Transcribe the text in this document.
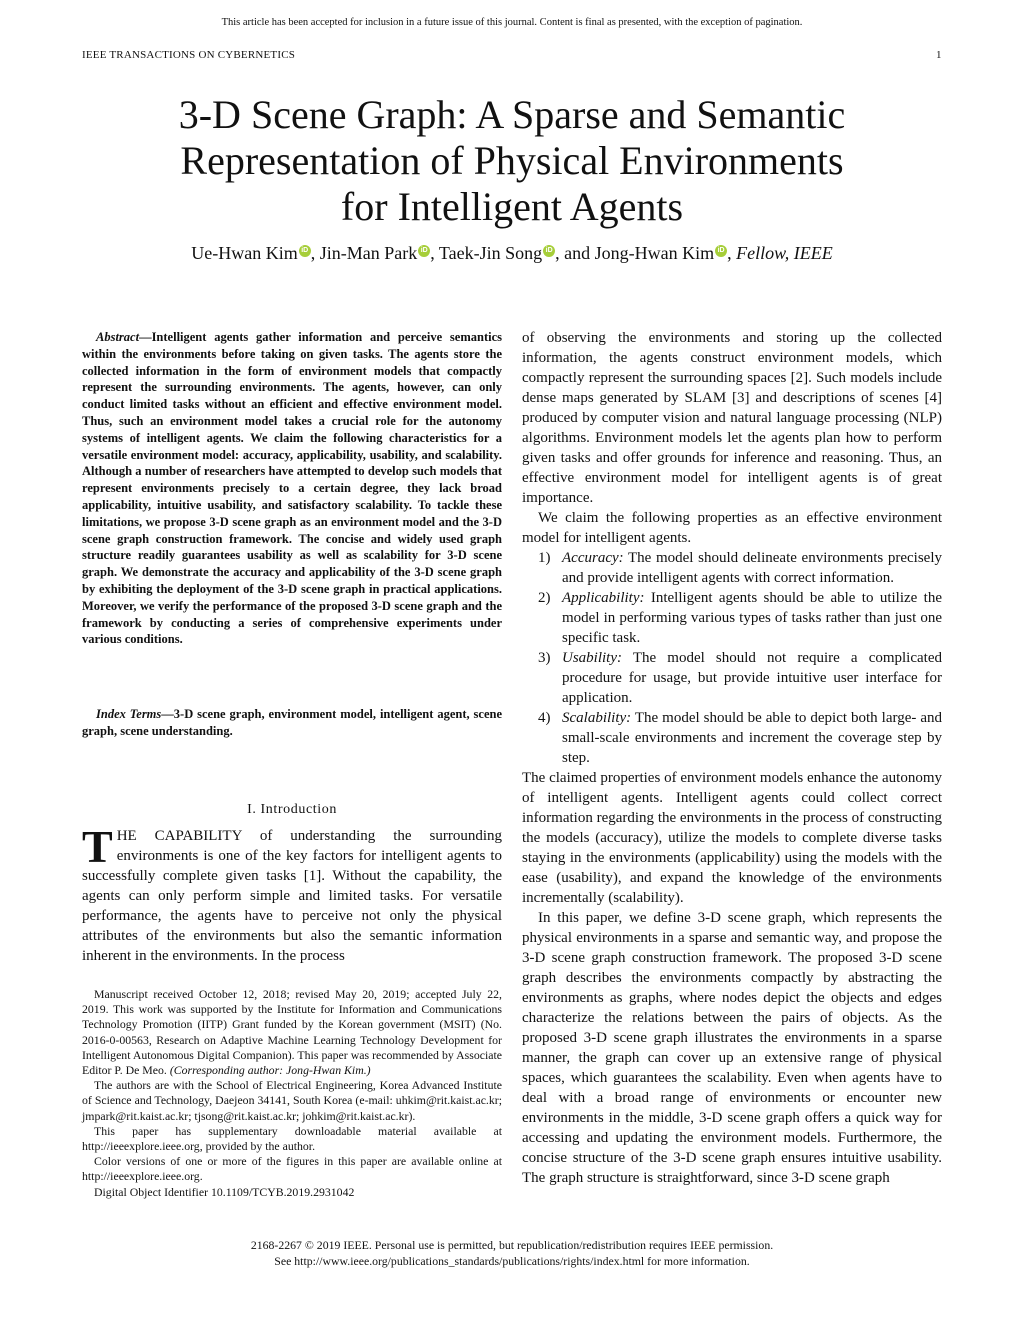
This article has been accepted for inclusion in a future issue of this journal. Content is final as presented, with the exception of pagination.
IEEE TRANSACTIONS ON CYBERNETICS	1
3-D Scene Graph: A Sparse and Semantic
Representation of Physical Environments
for Intelligent Agents
Ue-Hwan Kim iD , Jin-Man Park iD , Taek-Jin Song iD , and Jong-Hwan Kim iD , Fellow, IEEE
Abstract—Intelligent agents gather information and perceive semantics within the environments before taking on given tasks. The agents store the collected information in the form of environment models that compactly represent the surrounding environments. The agents, however, can only conduct limited tasks without an efficient and effective environment model. Thus, such an environment model takes a crucial role for the autonomy systems of intelligent agents. We claim the following characteristics for a versatile environment model: accuracy, applicability, usability, and scalability. Although a number of researchers have attempted to develop such models that represent environments precisely to a certain degree, they lack broad applicability, intuitive usability, and satisfactory scalability. To tackle these limitations, we propose 3-D scene graph as an environment model and the 3-D scene graph construction framework. The concise and widely used graph structure readily guarantees usability as well as scalability for 3-D scene graph. We demonstrate the accuracy and applicability of the 3-D scene graph by exhibiting the deployment of the 3-D scene graph in practical applications. Moreover, we verify the performance of the proposed 3-D scene graph and the framework by conducting a series of comprehensive experiments under various conditions.
Index Terms—3-D scene graph, environment model, intelligent agent, scene graph, scene understanding.
I. Introduction
THE CAPABILITY of understanding the surrounding environments is one of the key factors for intelligent agents to successfully complete given tasks [1]. Without the capability, the agents can only perform simple and limited tasks. For versatile performance, the agents have to perceive not only the physical attributes of the environments but also the semantic information inherent in the environments. In the process

Manuscript received October 12, 2018; revised May 20, 2019; accepted July 22, 2019. This work was supported by the Institute for Information and Communications Technology Promotion (IITP) Grant funded by the Korean government (MSIT) (No. 2016-0-00563, Research on Adaptive Machine Learning Technology Development for Intelligent Autonomous Digital Companion). This paper was recommended by Associate Editor P. De Meo. (Corresponding author: Jong-Hwan Kim.)

The authors are with the School of Electrical Engineering, Korea Advanced Institute of Science and Technology, Daejeon 34141, South Korea (e-mail: uhkim@rit.kaist.ac.kr; jmpark@rit.kaist.ac.kr; tjsong@rit.kaist.ac.kr; johkim@rit.kaist.ac.kr).

This paper has supplementary downloadable material available at http://ieeexplore.ieee.org, provided by the author.

Color versions of one or more of the figures in this paper are available online at http://ieeexplore.ieee.org.

Digital Object Identifier 10.1109/TCYB.2019.2931042

of observing the environments and storing up the collected information, the agents construct environment models, which compactly represent the surrounding spaces [2]. Such models include dense maps generated by SLAM [3] and descriptions of scenes [4] produced by computer vision and natural language processing (NLP) algorithms. Environment models let the agents plan how to perform given tasks and offer grounds for inference and reasoning. Thus, an effective environment model for intelligent agents is of great importance.

We claim the following properties as an effective environment model for intelligent agents.

1) Accuracy: The model should delineate environments precisely and provide intelligent agents with correct information.
2) Applicability: Intelligent agents should be able to utilize the model in performing various types of tasks rather than just one specific task.
3) Usability: The model should not require a complicated procedure for usage, but provide intuitive user interface for application.
4) Scalability: The model should be able to depict both large- and small-scale environments and increment the coverage step by step.

The claimed properties of environment models enhance the autonomy of intelligent agents. Intelligent agents could collect correct information regarding the environments in the process of constructing the models (accuracy), utilize the models to complete diverse tasks staying in the environments (applicability) using the models with the ease (usability), and expand the knowledge of the environments incrementally (scalability).

In this paper, we define 3-D scene graph, which represents the physical environments in a sparse and semantic way, and propose the 3-D scene graph construction framework. The proposed 3-D scene graph describes the environments compactly by abstracting the environments as graphs, where nodes depict the objects and edges characterize the relations between the pairs of objects. As the proposed 3-D scene graph illustrates the environments in a sparse manner, the graph can cover up an extensive range of physical spaces, which guarantees the scalability. Even when agents have to deal with a broad range of environments or encounter new environments in the middle, 3-D scene graph offers a quick way for accessing and updating the environment models. Furthermore, the concise structure of the 3-D scene graph ensures intuitive usability. The graph structure is straightforward, since 3-D scene graph

2168-2267 © 2019 IEEE. Personal use is permitted, but republication/redistribution requires IEEE permission.
See http://www.ieee.org/publications_standards/publications/rights/index.html for more information.
